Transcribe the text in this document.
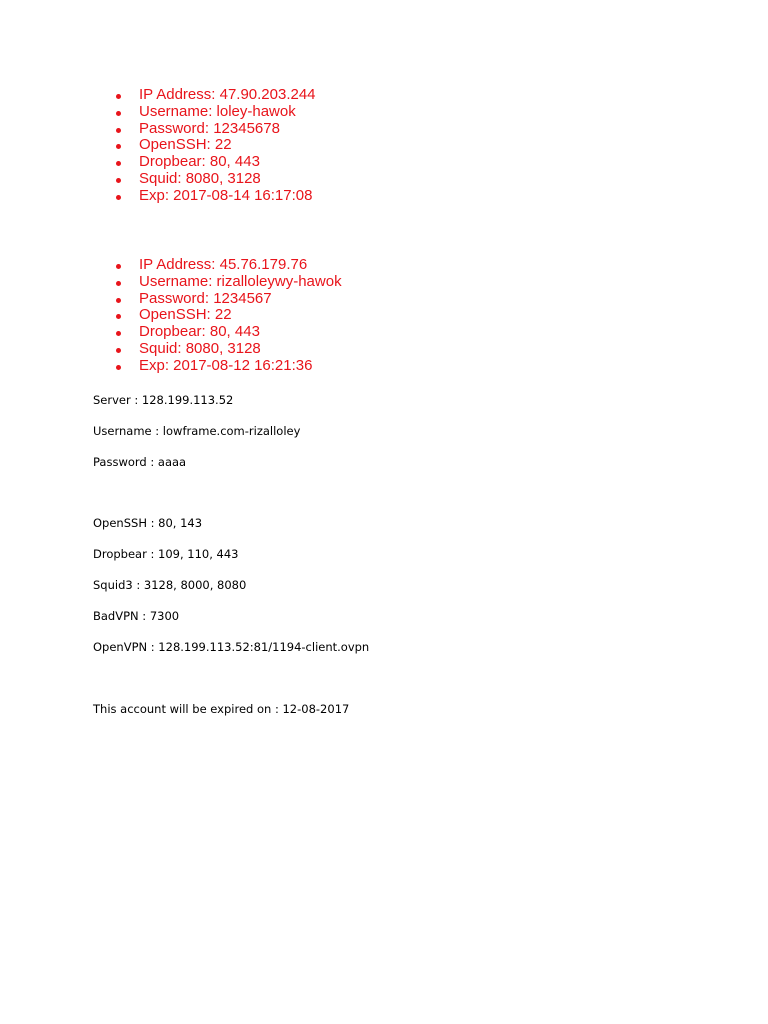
IP Address: 47.90.203.244
Username: loley-hawok
Password: 12345678
OpenSSH: 22
Dropbear: 80, 443
Squid: 8080, 3128
Exp: 2017-08-14 16:17:08
IP Address: 45.76.179.76
Username: rizalloleywy-hawok
Password: 1234567
OpenSSH: 22
Dropbear: 80, 443
Squid: 8080, 3128
Exp: 2017-08-12 16:21:36
Server : 128.199.113.52
Username : lowframe.com-rizalloley
Password : aaaa
OpenSSH : 80, 143
Dropbear : 109, 110, 443
Squid3 : 3128, 8000, 8080
BadVPN : 7300
OpenVPN : 128.199.113.52:81/1194-client.ovpn
This account will be expired on : 12-08-2017
